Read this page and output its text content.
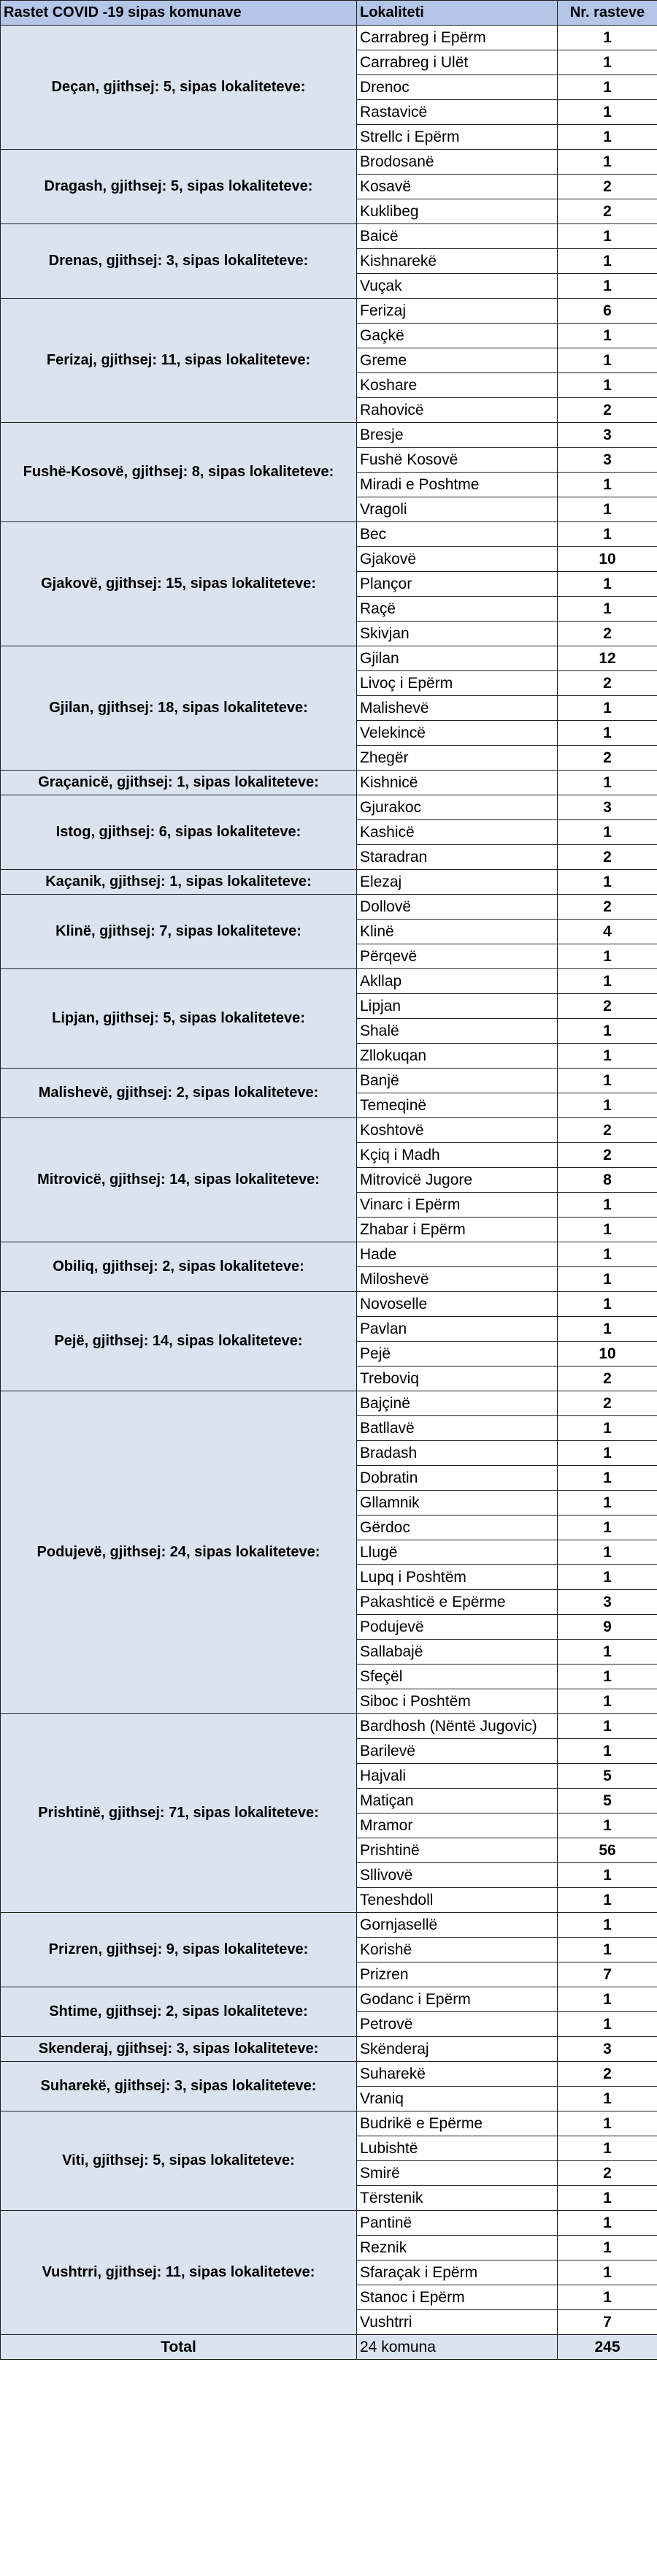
Rastet COVID -19 sipas komunave	Lokaliteti	Nr. rasteve
Deçan, gjithsej: 5, sipas lokaliteteve:	Carrabreg i Epërm	1
	Carrabreg i Ulët	1
	Drenoc	1
	Rastavicë	1
	Strellc i Epërm	1
Dragash, gjithsej: 5, sipas lokaliteteve:	Brodosanë	1
	Kosavë	2
	Kuklibeg	2
Drenas, gjithsej: 3, sipas lokaliteteve:	Baicë	1
	Kishnarekë	1
	Vuçak	1
Ferizaj, gjithsej: 11, sipas lokaliteteve:	Ferizaj	6
	Gaçkë	1
	Greme	1
	Koshare	1
	Rahovicë	2
Fushë-Kosovë, gjithsej: 8, sipas lokaliteteve:	Bresje	3
	Fushë Kosovë	3
	Miradi e Poshtme	1
	Vragoli	1
Gjakovë, gjithsej: 15, sipas lokaliteteve:	Bec	1
	Gjakovë	10
	Plançor	1
	Raçë	1
	Skivjan	2
Gjilan, gjithsej: 18, sipas lokaliteteve:	Gjilan	12
	Livoç i Epërm	2
	Malishevë	1
	Velekincë	1
	Zhegër	2
Graçanicë, gjithsej: 1, sipas lokaliteteve:	Kishnicë	1
Istog, gjithsej: 6, sipas lokaliteteve:	Gjurakoc	3
	Kashicë	1
	Staradran	2
Kaçanik, gjithsej: 1, sipas lokaliteteve:	Elezaj	1
Klinë, gjithsej: 7, sipas lokaliteteve:	Dollovë	2
	Klinë	4
	Përqevë	1
Lipjan, gjithsej: 5, sipas lokaliteteve:	Akllap	1
	Lipjan	2
	Shalë	1
	Zllokuqan	1
Malishevë, gjithsej: 2, sipas lokaliteteve:	Banjë	1
	Temeqinë	1
Mitrovicë, gjithsej: 14, sipas lokaliteteve:	Koshtovë	2
	Kçiq i Madh	2
	Mitrovicë Jugore	8
	Vinarc i Epërm	1
	Zhabar i Epërm	1
Obiliq, gjithsej: 2, sipas lokaliteteve:	Hade	1
	Miloshevë	1
Pejë, gjithsej: 14, sipas lokaliteteve:	Novoselle	1
	Pavlan	1
	Pejë	10
	Treboviq	2
Podujevë, gjithsej: 24, sipas lokaliteteve:	Bajçinë	2
	Batllavë	1
	Bradash	1
	Dobratin	1
	Gllamnik	1
	Gërdoc	1
	Llugë	1
	Lupq i Poshtëm	1
	Pakashticë e Epërme	3
	Podujevë	9
	Sallabajë	1
	Sfeçël	1
	Siboc i Poshtëm	1
Prishtinë, gjithsej: 71, sipas lokaliteteve:	Bardhosh (Nëntë Jugovic)	1
	Barilevë	1
	Hajvali	5
	Matiçan	5
	Mramor	1
	Prishtinë	56
	Sllivovë	1
	Teneshdoll	1
Prizren, gjithsej: 9, sipas lokaliteteve:	Gornjasellë	1
	Korishë	1
	Prizren	7
Shtime, gjithsej: 2, sipas lokaliteteve:	Godanc i Epërm	1
	Petrovë	1
Skenderaj, gjithsej: 3, sipas lokaliteteve:	Skënderaj	3
Suharekë, gjithsej: 3, sipas lokaliteteve:	Suharekë	2
	Vraniq	1
Viti, gjithsej: 5, sipas lokaliteteve:	Budrikë e Epërme	1
	Lubishtë	1
	Smirë	2
	Tërstenik	1
Vushtrri, gjithsej: 11, sipas lokaliteteve:	Pantinë	1
	Reznik	1
	Sfaraçak i Epërm	1
	Stanoc i Epërm	1
	Vushtrri	7
Total	24 komuna	245
